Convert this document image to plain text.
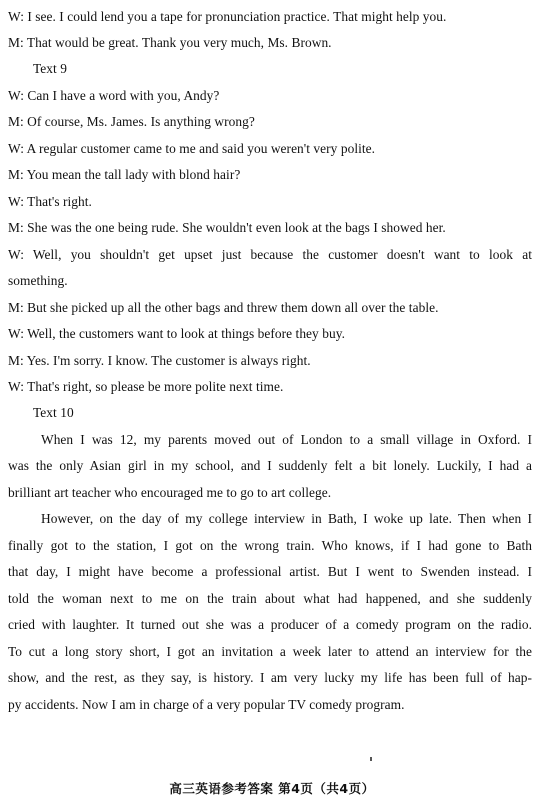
W: I see. I could lend you a tape for pronunciation practice. That might help you.
M: That would be great. Thank you very much, Ms. Brown.
Text 9
W: Can I have a word with you, Andy?
M: Of course, Ms. James. Is anything wrong?
W: A regular customer came to me and said you weren't very polite.
M: You mean the tall lady with blond hair?
W: That's right.
M: She was the one being rude. She wouldn't even look at the bags I showed her.
W: Well, you shouldn't get upset just because the customer doesn't want to look at
something.
M: But she picked up all the other bags and threw them down all over the table.
W: Well, the customers want to look at things before they buy.
M: Yes. I'm sorry. I know. The customer is always right.
W: That's right, so please be more polite next time.
Text 10
When I was 12, my parents moved out of London to a small village in Oxford. I
was the only Asian girl in my school, and I suddenly felt a bit lonely. Luckily, I had a
brilliant art teacher who encouraged me to go to art college.
However, on the day of my college interview in Bath, I woke up late. Then when I
finally got to the station, I got on the wrong train. Who knows, if I had gone to Bath
that day, I might have become a professional artist. But I went to Swenden instead. I
told the woman next to me on the train about what had happened, and she suddenly
cried with laughter. It turned out she was a producer of a comedy program on the radio.
To cut a long story short, I got an invitation a week later to attend an interview for the
show, and the rest, as they say, is history. I am very lucky my life has been full of hap-
py accidents. Now I am in charge of a very popular TV comedy program.
高三英语参考答案 第4页（共4页）
